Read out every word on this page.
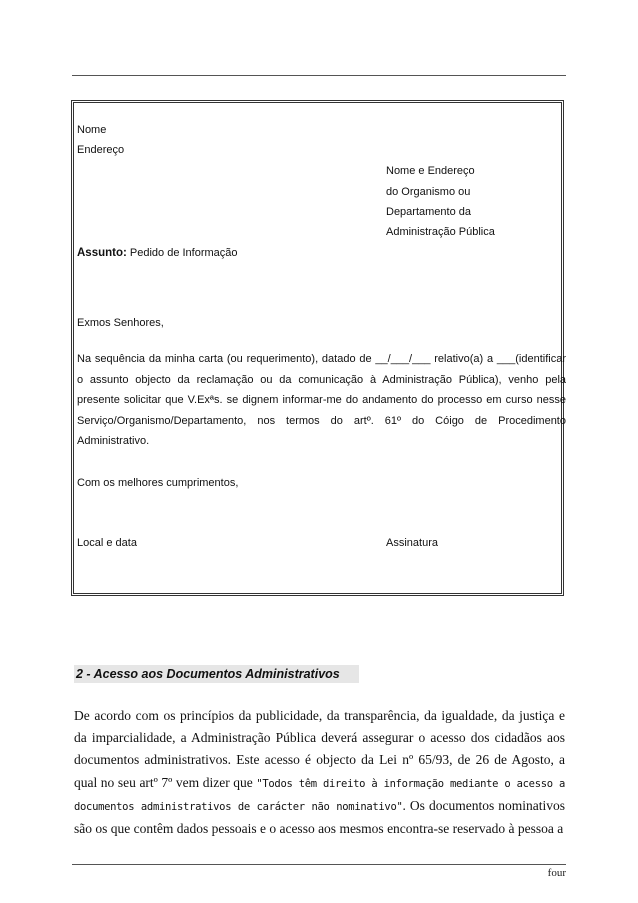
Nome
Endereço
Nome e Endereço
do Organismo ou
Departamento da
Administração Pública
Assunto: Pedido de Informação
Exmos Senhores,
Na sequência da minha carta (ou requerimento), datado de __/___/___ relativo(a) a ___(identificar o assunto objecto da reclamação ou da comunicação à Administração Pública), venho pela presente solicitar que V.Exªs. se dignem informar-me do andamento do processo em curso nesse Serviço/Organismo/Departamento, nos termos do artº. 61º do Cóigo de Procedimento Administrativo.
Com os melhores cumprimentos,
Local e data	Assinatura
2 - Acesso aos Documentos Administrativos
De acordo com os princípios da publicidade, da transparência, da igualdade, da justiça e da imparcialidade, a Administração Pública deverá assegurar o acesso dos cidadãos aos documentos administrativos. Este acesso é objecto da Lei nº 65/93, de 26 de Agosto, a qual no seu artº 7º vem dizer que "Todos têm direito à informação mediante o acesso a documentos administrativos de carácter não nominativo". Os documentos nominativos são os que contêm dados pessoais e o acesso aos mesmos encontra-se reservado à pessoa a
four
